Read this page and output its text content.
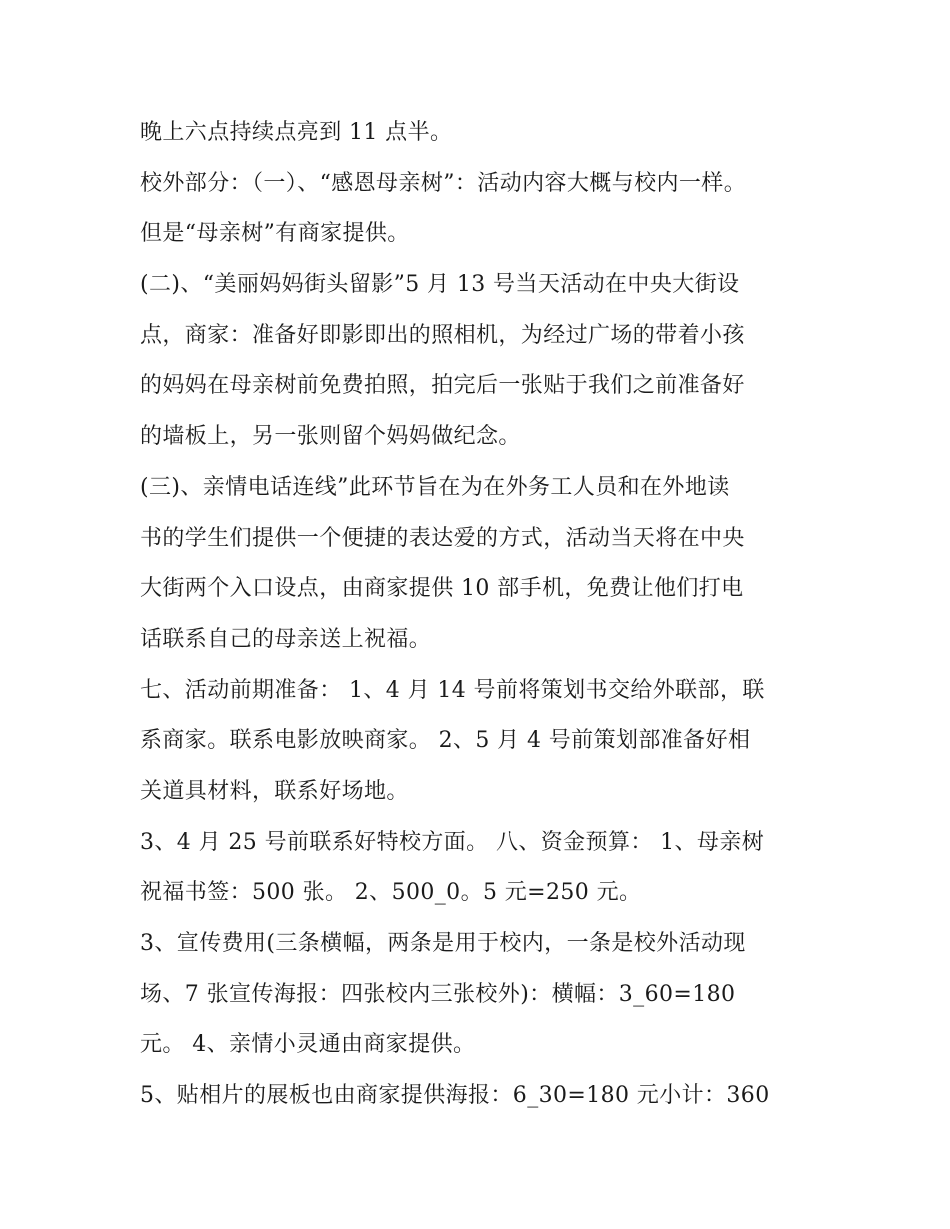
晚上六点持续点亮到 11 点半。
校外部分：（一）、“感恩母亲树”：活动内容大概与校内一样。
但是“母亲树”有商家提供。
(二)、“美丽妈妈街头留影”5 月 13 号当天活动在中央大街设
点，商家：准备好即影即出的照相机，为经过广场的带着小孩
的妈妈在母亲树前免费拍照，拍完后一张贴于我们之前准备好
的墙板上，另一张则留个妈妈做纪念。
(三)、亲情电话连线”此环节旨在为在外务工人员和在外地读
书的学生们提供一个便捷的表达爱的方式，活动当天将在中央
大街两个入口设点，由商家提供 10 部手机，免费让他们打电
话联系自己的母亲送上祝福。
七、活动前期准备： 1、4 月 14 号前将策划书交给外联部，联
系商家。联系电影放映商家。 2、5 月 4 号前策划部准备好相
关道具材料，联系好场地。
3、4 月 25 号前联系好特校方面。 八、资金预算： 1、母亲树
祝福书签：500 张。 2、500_0。5 元=250 元。
3、宣传费用(三条横幅，两条是用于校内，一条是校外活动现
场、7 张宣传海报：四张校内三张校外)：横幅：3_60=180
元。 4、亲情小灵通由商家提供。
5、贴相片的展板也由商家提供海报：6_30=180 元小计：360
